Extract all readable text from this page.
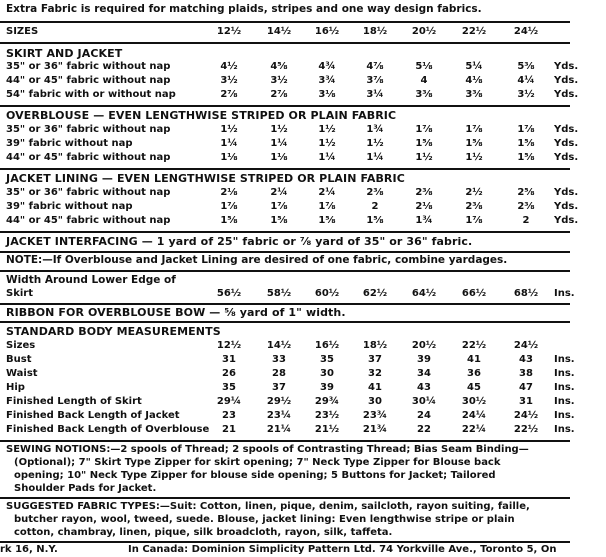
Extra Fabric is required for matching plaids, stripes and one way design fabrics.
SIZES	12½	14½	16½	18½	20½	22½	24½
SKIRT AND JACKET
35" or 36" fabric without nap	4½	4⅝	4¾	4⅞	5⅛	5¼	5⅜	Yds.
44" or 45" fabric without nap	3½	3½	3¾	3⅞	4	4⅛	4¼	Yds.
54" fabric with or without nap	2⅞	2⅞	3⅛	3¼	3⅜	3⅜	3½	Yds.
OVERBLOUSE — EVEN LENGTHWISE STRIPED OR PLAIN FABRIC
35" or 36" fabric without nap	1½	1½	1½	1¾	1⅞	1⅞	1⅞	Yds.
39" fabric without nap	1¼	1¼	1½	1½	1⅝	1⅝	1⅝	Yds.
44" or 45" fabric without nap	1⅛	1⅛	1¼	1¼	1½	1½	1⅝	Yds.
JACKET LINING — EVEN LENGTHWISE STRIPED OR PLAIN FABRIC
35" or 36" fabric without nap	2⅛	2¼	2¼	2⅜	2⅜	2½	2⅝	Yds.
39" fabric without nap	1⅞	1⅞	1⅞	2	2⅛	2⅜	2⅜	Yds.
44" or 45" fabric without nap	1⅝	1⅝	1⅝	1⅝	1¾	1⅞	2	Yds.
JACKET INTERFACING — 1 yard of 25" fabric or ⅞ yard of 35" or 36" fabric.
NOTE:—If Overblouse and Jacket Lining are desired of one fabric, combine yardages.
Width Around Lower Edge of
Skirt	56½	58½	60½	62½	64½	66½	68½	Ins.
RIBBON FOR OVERBLOUSE BOW — ⅝ yard of 1" width.
STANDARD BODY MEASUREMENTS
Sizes	12½	14½	16½	18½	20½	22½	24½
Bust	31	33	35	37	39	41	43	Ins.
Waist	26	28	30	32	34	36	38	Ins.
Hip	35	37	39	41	43	45	47	Ins.
Finished Length of Skirt	29¼	29½	29¾	30	30¼	30½	31	Ins.
Finished Back Length of Jacket	23	23¼	23½	23¾	24	24¼	24½	Ins.
Finished Back Length of Overblouse	21	21¼	21½	21¾	22	22¼	22½	Ins.
SEWING NOTIONS:—2 spools of Thread; 2 spools of Contrasting Thread; Bias Seam Binding—
(Optional); 7" Skirt Type Zipper for skirt opening; 7" Neck Type Zipper for Blouse back
opening; 10" Neck Type Zipper for blouse side opening; 5 Buttons for Jacket; Tailored
Shoulder Pads for Jacket.
SUGGESTED FABRIC TYPES:—Suit: Cotton, linen, pique, denim, sailcloth, rayon suiting, faille,
butcher rayon, wool, tweed, suede. Blouse, jacket lining: Even lengthwise stripe or plain
cotton, chambray, linen, pique, silk broadcloth, rayon, silk, taffeta.
rk 16, N.Y.	In Canada: Dominion Simplicity Pattern Ltd. 74 Yorkville Ave., Toronto 5, On
